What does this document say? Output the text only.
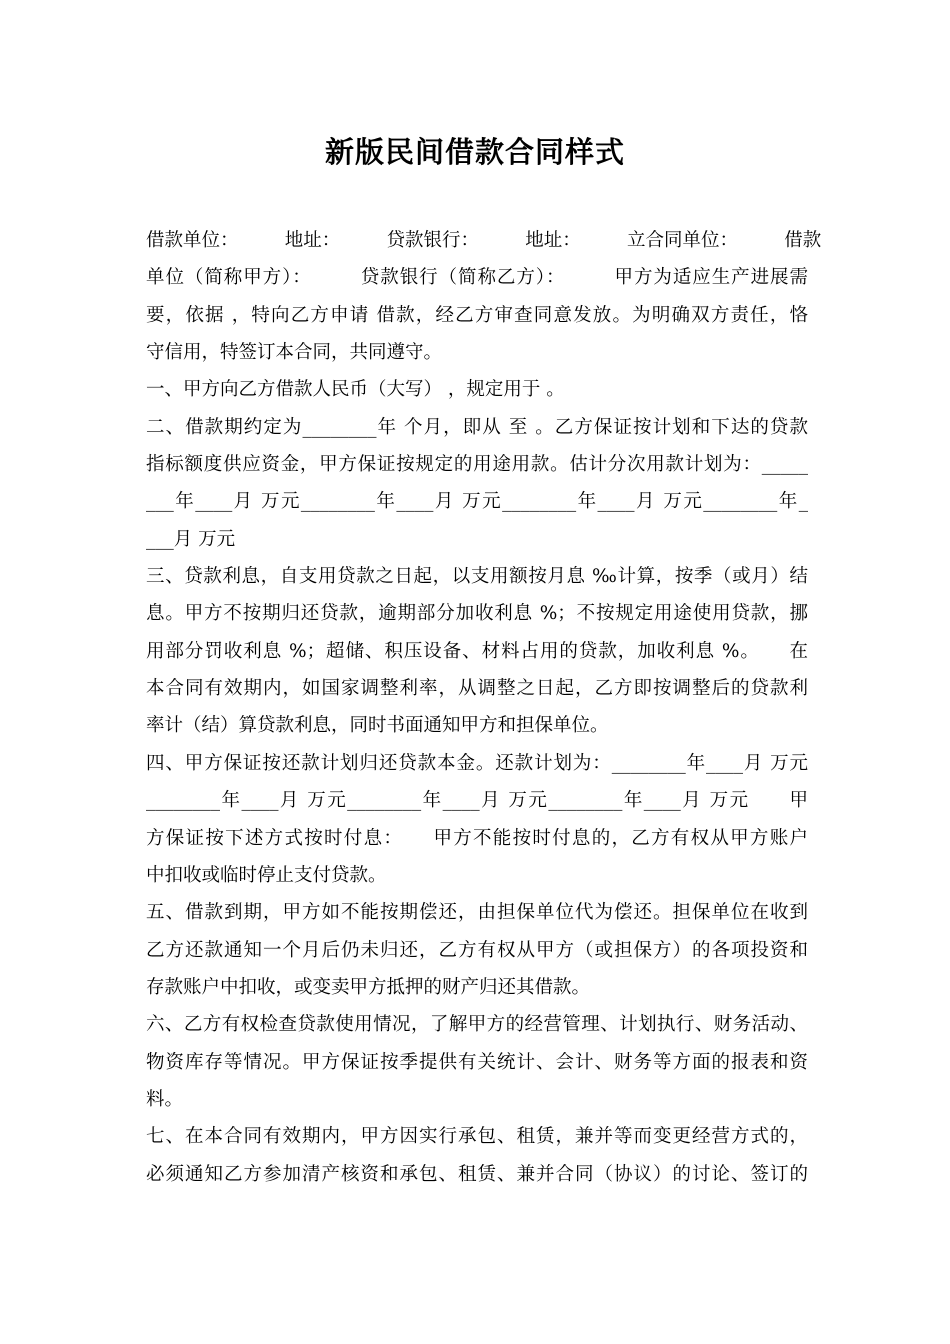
新版民间借款合同样式
借款单位：　　　地址：　　　贷款银行：　　　地址：　　　立合同单位：　　　借款
单位（简称甲方）：　　　贷款银行（简称乙方）：　　　甲方为适应生产进展需
要，依据 ，特向乙方申请 借款，经乙方审查同意发放。为明确双方责任，恪
守信用，特签订本合同，共同遵守。
一、甲方向乙方借款人民币（大写） ，规定用于 。
二、借款期约定为________年 个月，即从 至 。乙方保证按计划和下达的贷款
指标额度供应资金，甲方保证按规定的用途用款。估计分次用款计划为：_____
___年____月 万元________年____月 万元________年____月 万元________年_
___月 万元
三、贷款利息，自支用贷款之日起，以支用额按月息 ‰计算，按季（或月）结
息。甲方不按期归还贷款，逾期部分加收利息 %；不按规定用途使用贷款，挪
用部分罚收利息 %；超储、积压设备、材料占用的贷款，加收利息 %。　　在
本合同有效期内，如国家调整利率，从调整之日起，乙方即按调整后的贷款利
率计（结）算贷款利息，同时书面通知甲方和担保单位。
四、甲方保证按还款计划归还贷款本金。还款计划为：________年____月 万元
________年____月 万元________年____月 万元________年____月 万元　　甲
方保证按下述方式按时付息：　　甲方不能按时付息的，乙方有权从甲方账户
中扣收或临时停止支付贷款。
五、借款到期，甲方如不能按期偿还，由担保单位代为偿还。担保单位在收到
乙方还款通知一个月后仍未归还，乙方有权从甲方（或担保方）的各项投资和
存款账户中扣收，或变卖甲方抵押的财产归还其借款。
六、乙方有权检查贷款使用情况，了解甲方的经营管理、计划执行、财务活动、
物资库存等情况。甲方保证按季提供有关统计、会计、财务等方面的报表和资
料。
七、在本合同有效期内，甲方因实行承包、租赁，兼并等而变更经营方式的，
必须通知乙方参加清产核资和承包、租赁、兼并合同（协议）的讨论、签订的
